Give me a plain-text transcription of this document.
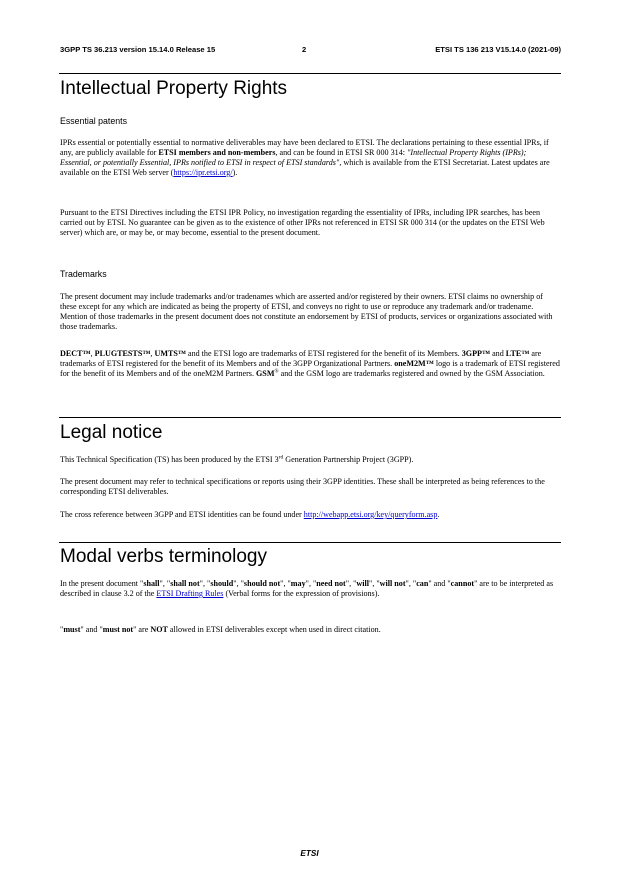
3GPP TS 36.213 version 15.14.0 Release 15	2	ETSI TS 136 213 V15.14.0 (2021-09)
Intellectual Property Rights
Essential patents

IPRs essential or potentially essential to normative deliverables may have been declared to ETSI. The declarations pertaining to these essential IPRs, if any, are publicly available for ETSI members and non-members, and can be found in ETSI SR 000 314: "Intellectual Property Rights (IPRs); Essential, or potentially Essential, IPRs notified to ETSI in respect of ETSI standards", which is available from the ETSI Secretariat. Latest updates are available on the ETSI Web server (https://ipr.etsi.org/).

Pursuant to the ETSI Directives including the ETSI IPR Policy, no investigation regarding the essentiality of IPRs, including IPR searches, has been carried out by ETSI. No guarantee can be given as to the existence of other IPRs not referenced in ETSI SR 000 314 (or the updates on the ETSI Web server) which are, or may be, or may become, essential to the present document.

Trademarks

The present document may include trademarks and/or tradenames which are asserted and/or registered by their owners. ETSI claims no ownership of these except for any which are indicated as being the property of ETSI, and conveys no right to use or reproduce any trademark and/or tradename. Mention of those trademarks in the present document does not constitute an endorsement by ETSI of products, services or organizations associated with those trademarks.

DECT™, PLUGTESTS™, UMTS™ and the ETSI logo are trademarks of ETSI registered for the benefit of its Members. 3GPP™ and LTE™ are trademarks of ETSI registered for the benefit of its Members and of the 3GPP Organizational Partners. oneM2M™ logo is a trademark of ETSI registered for the benefit of its Members and of the oneM2M Partners. GSM® and the GSM logo are trademarks registered and owned by the GSM Association.

Legal notice

This Technical Specification (TS) has been produced by the ETSI 3rd Generation Partnership Project (3GPP).

The present document may refer to technical specifications or reports using their 3GPP identities. These shall be interpreted as being references to the corresponding ETSI deliverables.

The cross reference between 3GPP and ETSI identities can be found under http://webapp.etsi.org/key/queryform.asp.

Modal verbs terminology

In the present document "shall", "shall not", "should", "should not", "may", "need not", "will", "will not", "can" and "cannot" are to be interpreted as described in clause 3.2 of the ETSI Drafting Rules (Verbal forms for the expression of provisions).

"must" and "must not" are NOT allowed in ETSI deliverables except when used in direct citation.

ETSI
